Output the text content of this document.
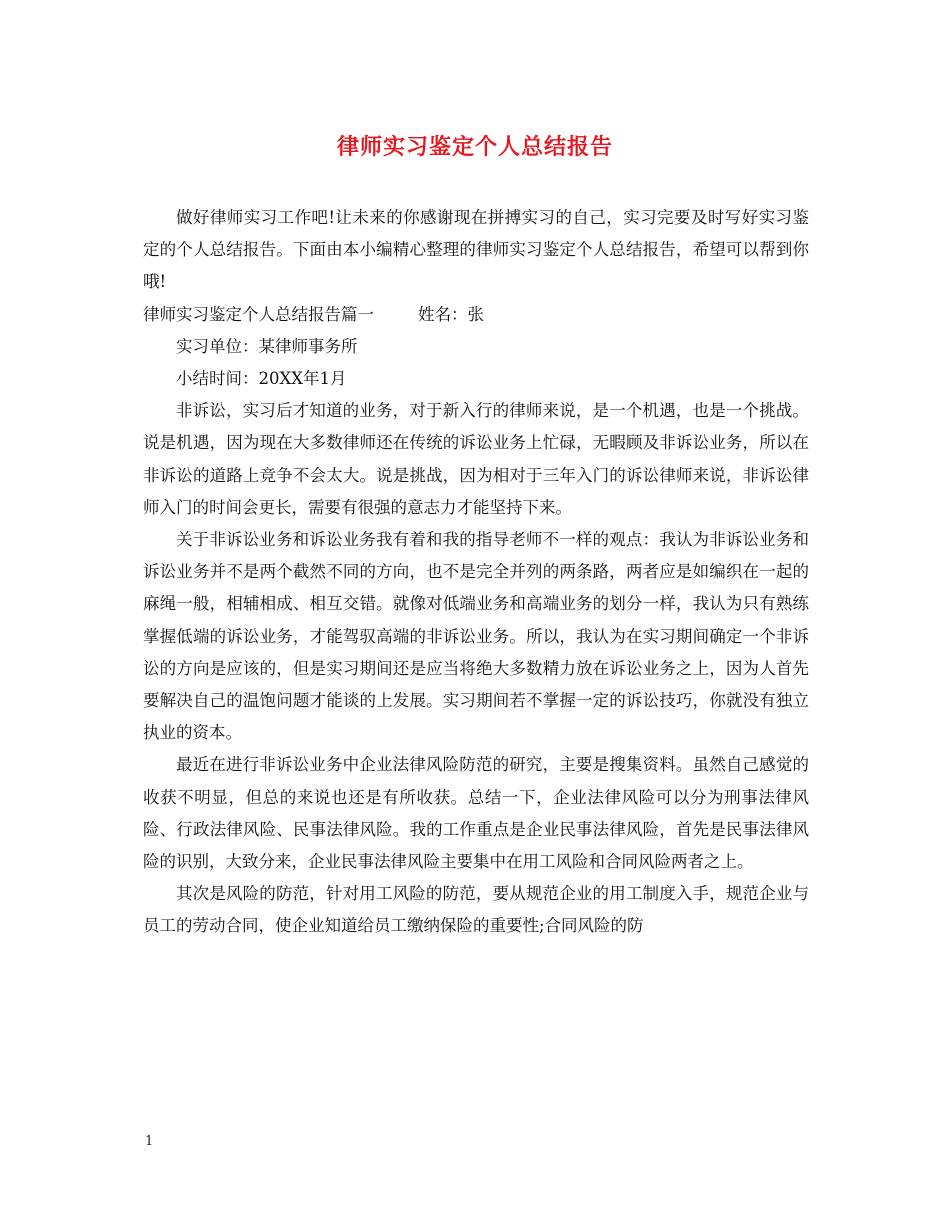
律师实习鉴定个人总结报告

做好律师实习工作吧!让未来的你感谢现在拼搏实习的自己，实习完要及时写好实习鉴定的个人总结报告。下面由本小编精心整理的律师实习鉴定个人总结报告，希望可以帮到你哦!

律师实习鉴定个人总结报告篇一	姓名：张

实习单位：某律师事务所

小结时间：20XX年1月

非诉讼，实习后才知道的业务，对于新入行的律师来说，是一个机遇，也是一个挑战。说是机遇，因为现在大多数律师还在传统的诉讼业务上忙碌，无暇顾及非诉讼业务，所以在非诉讼的道路上竞争不会太大。说是挑战，因为相对于三年入门的诉讼律师来说，非诉讼律师入门的时间会更长，需要有很强的意志力才能坚持下来。

关于非诉讼业务和诉讼业务我有着和我的指导老师不一样的观点：我认为非诉讼业务和诉讼业务并不是两个截然不同的方向，也不是完全并列的两条路，两者应是如编织在一起的麻绳一般，相辅相成、相互交错。就像对低端业务和高端业务的划分一样，我认为只有熟练掌握低端的诉讼业务，才能驾驭高端的非诉讼业务。所以，我认为在实习期间确定一个非诉讼的方向是应该的，但是实习期间还是应当将绝大多数精力放在诉讼业务之上，因为人首先要解决自己的温饱问题才能谈的上发展。实习期间若不掌握一定的诉讼技巧，你就没有独立执业的资本。

最近在进行非诉讼业务中企业法律风险防范的研究，主要是搜集资料。虽然自己感觉的收获不明显，但总的来说也还是有所收获。总结一下，企业法律风险可以分为刑事法律风险、行政法律风险、民事法律风险。我的工作重点是企业民事法律风险，首先是民事法律风险的识别，大致分来，企业民事法律风险主要集中在用工风险和合同风险两者之上。

其次是风险的防范，针对用工风险的防范，要从规范企业的用工制度入手，规范企业与员工的劳动合同，使企业知道给员工缴纳保险的重要性;合同风险的防

1
